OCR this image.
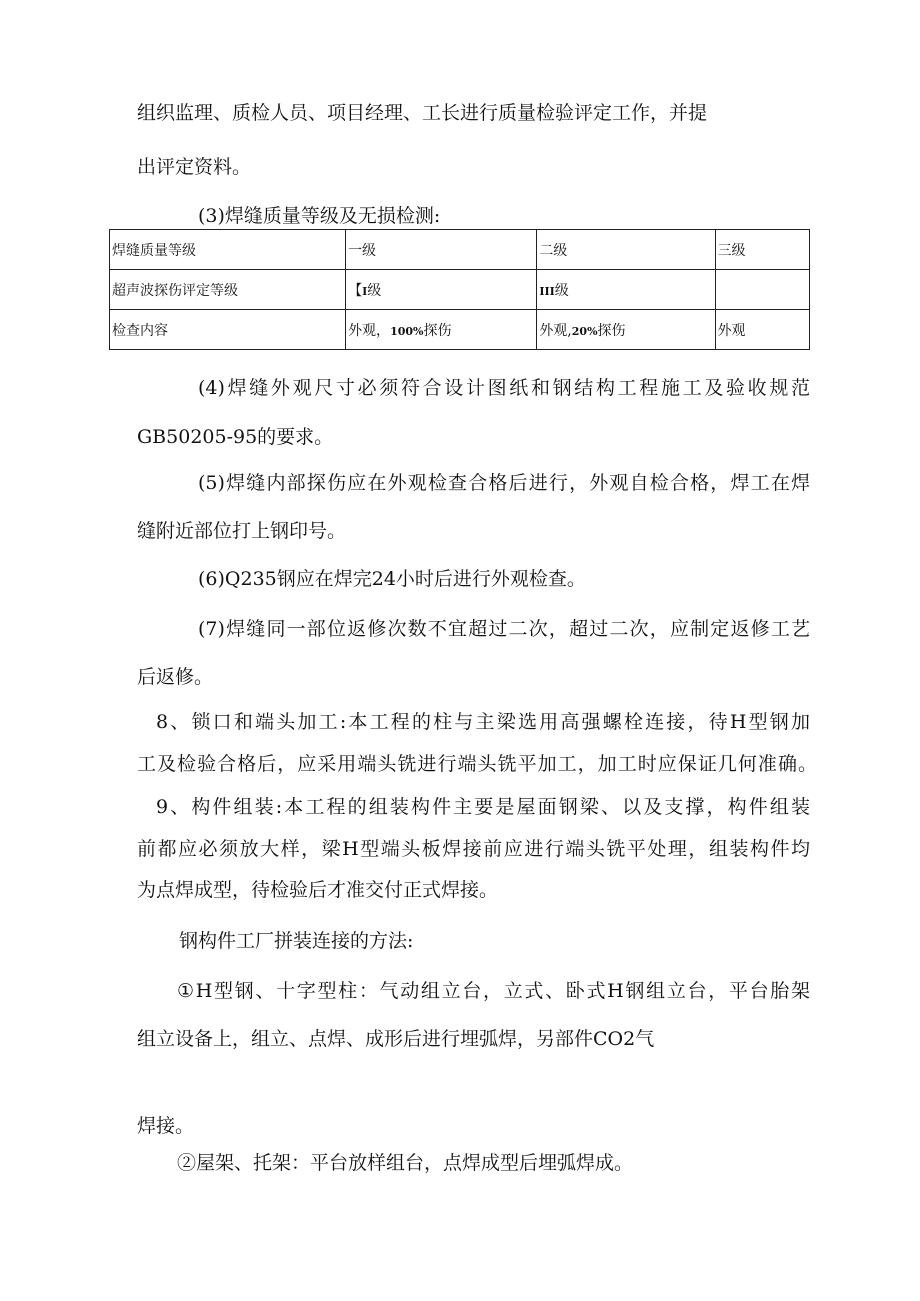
组织监理、质检人员、项目经理、工长进行质量检验评定工作，并提
出评定资料。
(3)焊缝质量等级及无损检测:
焊缝质量等级	一级	二级	三级
超声波探伤评定等级	【I级	III级	
检查内容	外观，100%探伤	外观,20%探伤	外观
(4)焊缝外观尺寸必须符合设计图纸和钢结构工程施工及验收规范
GB50205-95的要求。
(5)焊缝内部探伤应在外观检查合格后进行，外观自检合格，焊工在焊
缝附近部位打上钢印号。
(6)Q235钢应在焊完24小时后进行外观检查。
(7)焊缝同一部位返修次数不宜超过二次，超过二次，应制定返修工艺
后返修。
8、锁口和端头加工:本工程的柱与主梁选用高强螺栓连接，待H型钢加
工及检验合格后，应采用端头铣进行端头铣平加工，加工时应保证几何准确。
9、构件组装:本工程的组装构件主要是屋面钢梁、以及支撑，构件组装
前都应必须放大样，梁H型端头板焊接前应进行端头铣平处理，组装构件均
为点焊成型，待检验后才准交付正式焊接。
钢构件工厂拼装连接的方法:
①H型钢、十字型柱：气动组立台，立式、卧式H钢组立台，平台胎架
组立设备上，组立、点焊、成形后进行埋弧焊，另部件CO2气
焊接。
②屋架、托架：平台放样组台，点焊成型后埋弧焊成。
